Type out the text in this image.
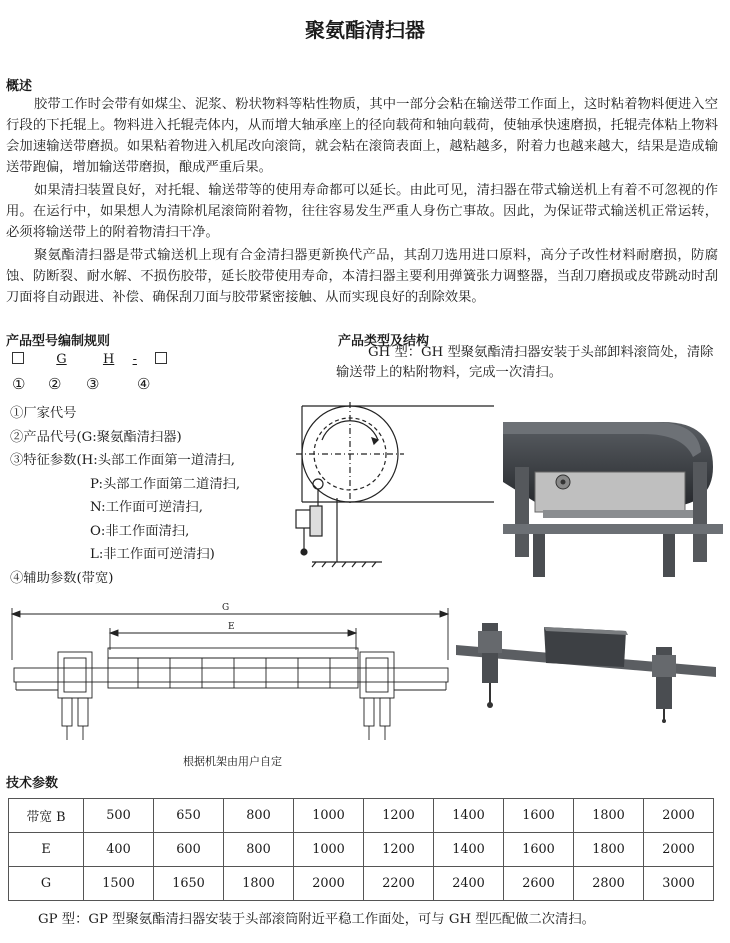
聚氨酯清扫器
概述

胶带工作时会带有如煤尘、泥浆、粉状物料等粘性物质，其中一部分会粘在输送带工作面上，这时粘着物料便进入空行段的下托辊上。物料进入托辊壳体内，从而增大轴承座上的径向载荷和轴向载荷，使轴承快速磨损，托辊壳体粘上物料会加速输送带磨损。如果粘着物进入机尾改向滚筒，就会粘在滚筒表面上，越粘越多，附着力也越来越大，结果是造成输送带跑偏，增加输送带磨损，酿成严重后果。

如果清扫装置良好，对托辊、输送带等的使用寿命都可以延长。由此可见，清扫器在带式输送机上有着不可忽视的作用。在运行中，如果想人为清除机尾滚筒附着物，往往容易发生严重人身伤亡事故。因此，为保证带式输送机正常运转，必须将输送带上的附着物清扫干净。

聚氨酯清扫器是带式输送机上现有合金清扫器更新换代产品，其刮刀选用进口原料，高分子改性材料耐磨损，防腐蚀、防断裂、耐水解、不损伤胶带，延长胶带使用寿命，本清扫器主要利用弹簧张力调整器，当刮刀磨损或皮带跳动时刮刀面将自动跟进、补偿、确保刮刀面与胶带紧密接触、从而实现良好的刮除效果。

产品型号编制规则
G	H -
① ② ③	④
①厂家代号
②产品代号(G:聚氨酯清扫器)
③特征参数(H:头部工作面第一道清扫,
P:头部工作面第二道清扫,
N:工作面可逆清扫,
O:非工作面清扫,
L:非工作面可逆清扫)
④辅助参数(带宽)
产品类型及结构

GH 型：GH 型聚氨酯清扫器安装于头部卸料滚筒处，清除输送带上的粘附物料，完成一次清扫。

G
E
根据机架由用户自定
技术参数
带宽 B	500	650	800	1000	1200	1400	1600	1800	2000
E	400	600	800	1000	1200	1400	1600	1800	2000
G	1500	1650	1800	2000	2200	2400	2600	2800	3000
GP 型：GP 型聚氨酯清扫器安装于头部滚筒附近平稳工作面处，可与 GH 型匹配做二次清扫。
